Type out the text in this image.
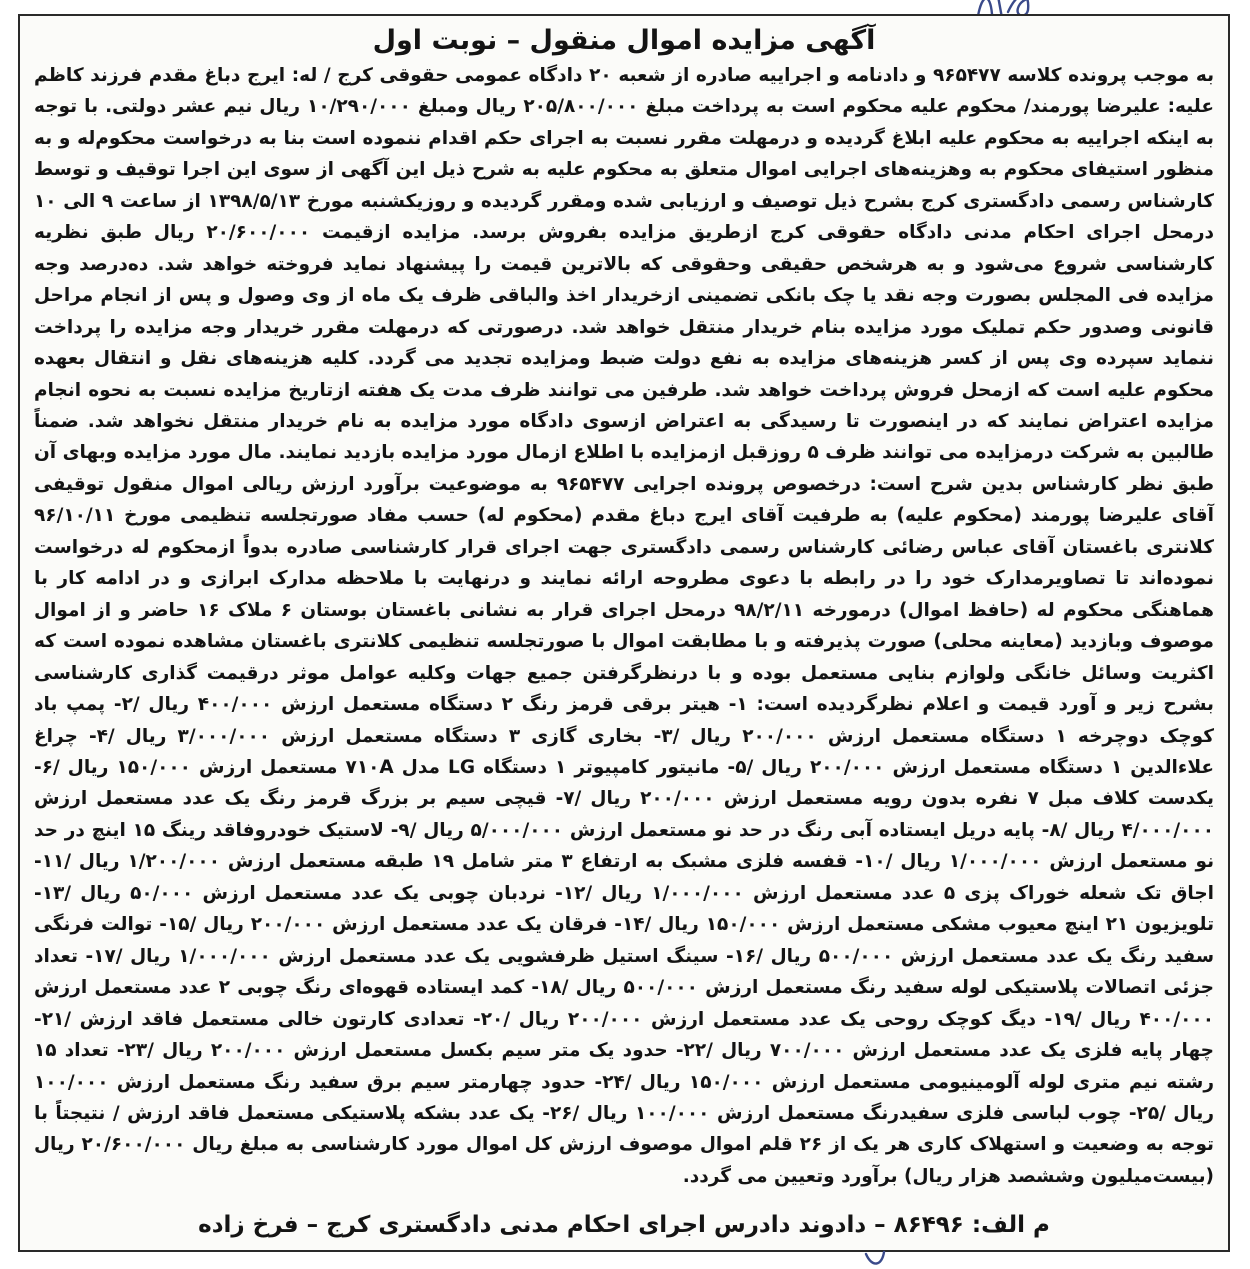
آگهی مزایده اموال منقول – نوبت اول

به موجب پرونده کلاسه ۹۶۵۴۷۷ و دادنامه و اجراییه صادره از شعبه ۲۰ دادگاه عمومی حقوقی کرج / له: ایرج دباغ مقدم فرزند کاظم علیه: علیرضا پورمند/ محکوم علیه محکوم است به پرداخت مبلغ ۲۰۵/۸۰۰/۰۰۰ ریال ومبلغ ۱۰/۲۹۰/۰۰۰ ریال نیم عشر دولتی. با توجه به اینکه اجراییه به محکوم علیه ابلاغ گردیده و درمهلت مقرر نسبت به اجرای حکم اقدام ننموده است بنا به درخواست محکوم‌له و به منظور استیفای محکوم به وهزینه‌های اجرایی اموال متعلق به محکوم علیه به شرح ذیل این آگهی از سوی این اجرا توقیف و توسط کارشناس رسمی دادگستری کرج بشرح ذیل توصیف و ارزیابی شده ومقرر گردیده و روزیکشنبه مورخ ۱۳۹۸/۵/۱۳ از ساعت ۹ الی ۱۰ درمحل اجرای احکام مدنی دادگاه حقوقی کرج ازطریق مزایده بفروش برسد. مزایده ازقیمت ۲۰/۶۰۰/۰۰۰ ریال طبق نظریه کارشناسی شروع می‌شود و به هرشخص حقیقی وحقوقی که بالاترین قیمت را پیشنهاد نماید فروخته خواهد شد. ده‌درصد وجه مزایده فی المجلس بصورت وجه نقد یا چک بانکی تضمینی ازخریدار اخذ والباقی ظرف یک ماه از وی وصول و پس از انجام مراحل قانونی وصدور حکم تملیک مورد مزایده بنام خریدار منتقل خواهد شد. درصورتی که درمهلت مقرر خریدار وجه مزایده را پرداخت ننماید سپرده وی پس از کسر هزینه‌های مزایده به نفع دولت ضبط ومزایده تجدید می گردد. کلیه هزینه‌های نقل و انتقال بعهده محکوم علیه است که ازمحل فروش پرداخت خواهد شد. طرفین می توانند ظرف مدت یک هفته ازتاریخ مزایده نسبت به نحوه انجام مزایده اعتراض نمایند که در اینصورت تا رسیدگی به اعتراض ازسوی دادگاه مورد مزایده به نام خریدار منتقل نخواهد شد. ضمناً طالبین به شرکت درمزایده می توانند ظرف ۵ روزقبل ازمزایده با اطلاع ازمال مورد مزایده بازدید نمایند. مال مورد مزایده وبهای آن طبق نظر کارشناس بدین شرح است: درخصوص پرونده اجرایی ۹۶۵۴۷۷ به موضوعیت برآورد ارزش ریالی اموال منقول توقیفی آقای علیرضا پورمند (محکوم علیه) به طرفیت آقای ایرج دباغ مقدم (محکوم له) حسب مفاد صورتجلسه تنظیمی مورخ ۹۶/۱۰/۱۱ کلانتری باغستان آقای عباس رضائی کارشناس رسمی دادگستری جهت اجرای قرار کارشناسی صادره بدواً ازمحکوم له درخواست نموده‌اند تا تصاویرمدارک خود را در رابطه با دعوی مطروحه ارائه نمایند و درنهایت با ملاحظه مدارک ابرازی و در ادامه کار با هماهنگی محکوم له (حافظ اموال) درمورخه ۹۸/۲/۱۱ درمحل اجرای قرار به نشانی باغستان بوستان ۶ ملاک ۱۶ حاضر و از اموال موصوف وبازدید (معاینه محلی) صورت پذیرفته و با مطابقت اموال با صورتجلسه تنظیمی کلانتری باغستان مشاهده نموده است که اکثریت وسائل خانگی ولوازم بنایی مستعمل بوده و با درنظرگرفتن جمیع جهات وکلیه عوامل موثر درقیمت گذاری کارشناسی بشرح زیر و آورد قیمت و اعلام نظرگردیده است: ۱- هیتر برقی قرمز رنگ ۲ دستگاه مستعمل ارزش ۴۰۰/۰۰۰ ریال /۲- پمپ باد کوچک دوچرخه ۱ دستگاه مستعمل ارزش ۲۰۰/۰۰۰ ریال /۳- بخاری گازی ۳ دستگاه مستعمل ارزش ۳/۰۰۰/۰۰۰ ریال /۴- چراغ علاءالدین ۱ دستگاه مستعمل ارزش ۲۰۰/۰۰۰ ریال /۵- مانیتور کامپیوتر ۱ دستگاه LG مدل ۷۱۰A مستعمل ارزش ۱۵۰/۰۰۰ ریال /۶- یکدست کلاف مبل ۷ نفره بدون رویه مستعمل ارزش ۲۰۰/۰۰۰ ریال /۷- قیچی سیم بر بزرگ قرمز رنگ یک عدد مستعمل ارزش ۴/۰۰۰/۰۰۰ ریال /۸- پایه دریل ایستاده آبی رنگ در حد نو مستعمل ارزش ۵/۰۰۰/۰۰۰ ریال /۹- لاستیک خودروفاقد رینگ ۱۵ اینچ در حد نو مستعمل ارزش ۱/۰۰۰/۰۰۰ ریال /۱۰- قفسه فلزی مشبک به ارتفاع ۳ متر شامل ۱۹ طبقه مستعمل ارزش ۱/۲۰۰/۰۰۰ ریال /۱۱- اجاق تک شعله خوراک پزی ۵ عدد مستعمل ارزش ۱/۰۰۰/۰۰۰ ریال /۱۲- نردبان چوبی یک عدد مستعمل ارزش ۵۰/۰۰۰ ریال /۱۳- تلویزیون ۲۱ اینچ معیوب مشکی مستعمل ارزش ۱۵۰/۰۰۰ ریال /۱۴- فرقان یک عدد مستعمل ارزش ۲۰۰/۰۰۰ ریال /۱۵- توالت فرنگی سفید رنگ یک عدد مستعمل ارزش ۵۰۰/۰۰۰ ریال /۱۶- سینگ استیل ظرفشویی یک عدد مستعمل ارزش ۱/۰۰۰/۰۰۰ ریال /۱۷- تعداد جزئی اتصالات پلاستیکی لوله سفید رنگ مستعمل ارزش ۵۰۰/۰۰۰ ریال /۱۸- کمد ایستاده قهوه‌ای رنگ چوبی ۲ عدد مستعمل ارزش ۴۰۰/۰۰۰ ریال /۱۹- دیگ کوچک روحی یک عدد مستعمل ارزش ۲۰۰/۰۰۰ ریال /۲۰- تعدادی کارتون خالی مستعمل فاقد ارزش /۲۱- چهار پایه فلزی یک عدد مستعمل ارزش ۷۰۰/۰۰۰ ریال /۲۲- حدود یک متر سیم بکسل مستعمل ارزش ۲۰۰/۰۰۰ ریال /۲۳- تعداد ۱۵ رشته نیم متری لوله آلومینیومی مستعمل ارزش ۱۵۰/۰۰۰ ریال /۲۴- حدود چهارمتر سیم برق سفید رنگ مستعمل ارزش ۱۰۰/۰۰۰ ریال /۲۵- چوب لباسی فلزی سفیدرنگ مستعمل ارزش ۱۰۰/۰۰۰ ریال /۲۶- یک عدد بشکه پلاستیکی مستعمل فاقد ارزش / نتیجتاً با توجه به وضعیت و استهلاک کاری هر یک از ۲۶ قلم اموال موصوف ارزش کل اموال مورد کارشناسی به مبلغ ریال ۲۰/۶۰۰/۰۰۰ ریال (بیست‌میلیون وششصد هزار ریال) برآورد وتعیین می گردد.

م الف: ۸۶۴۹۶ – دادوند دادرس اجرای احکام مدنی دادگستری کرج – فرخ زاده
